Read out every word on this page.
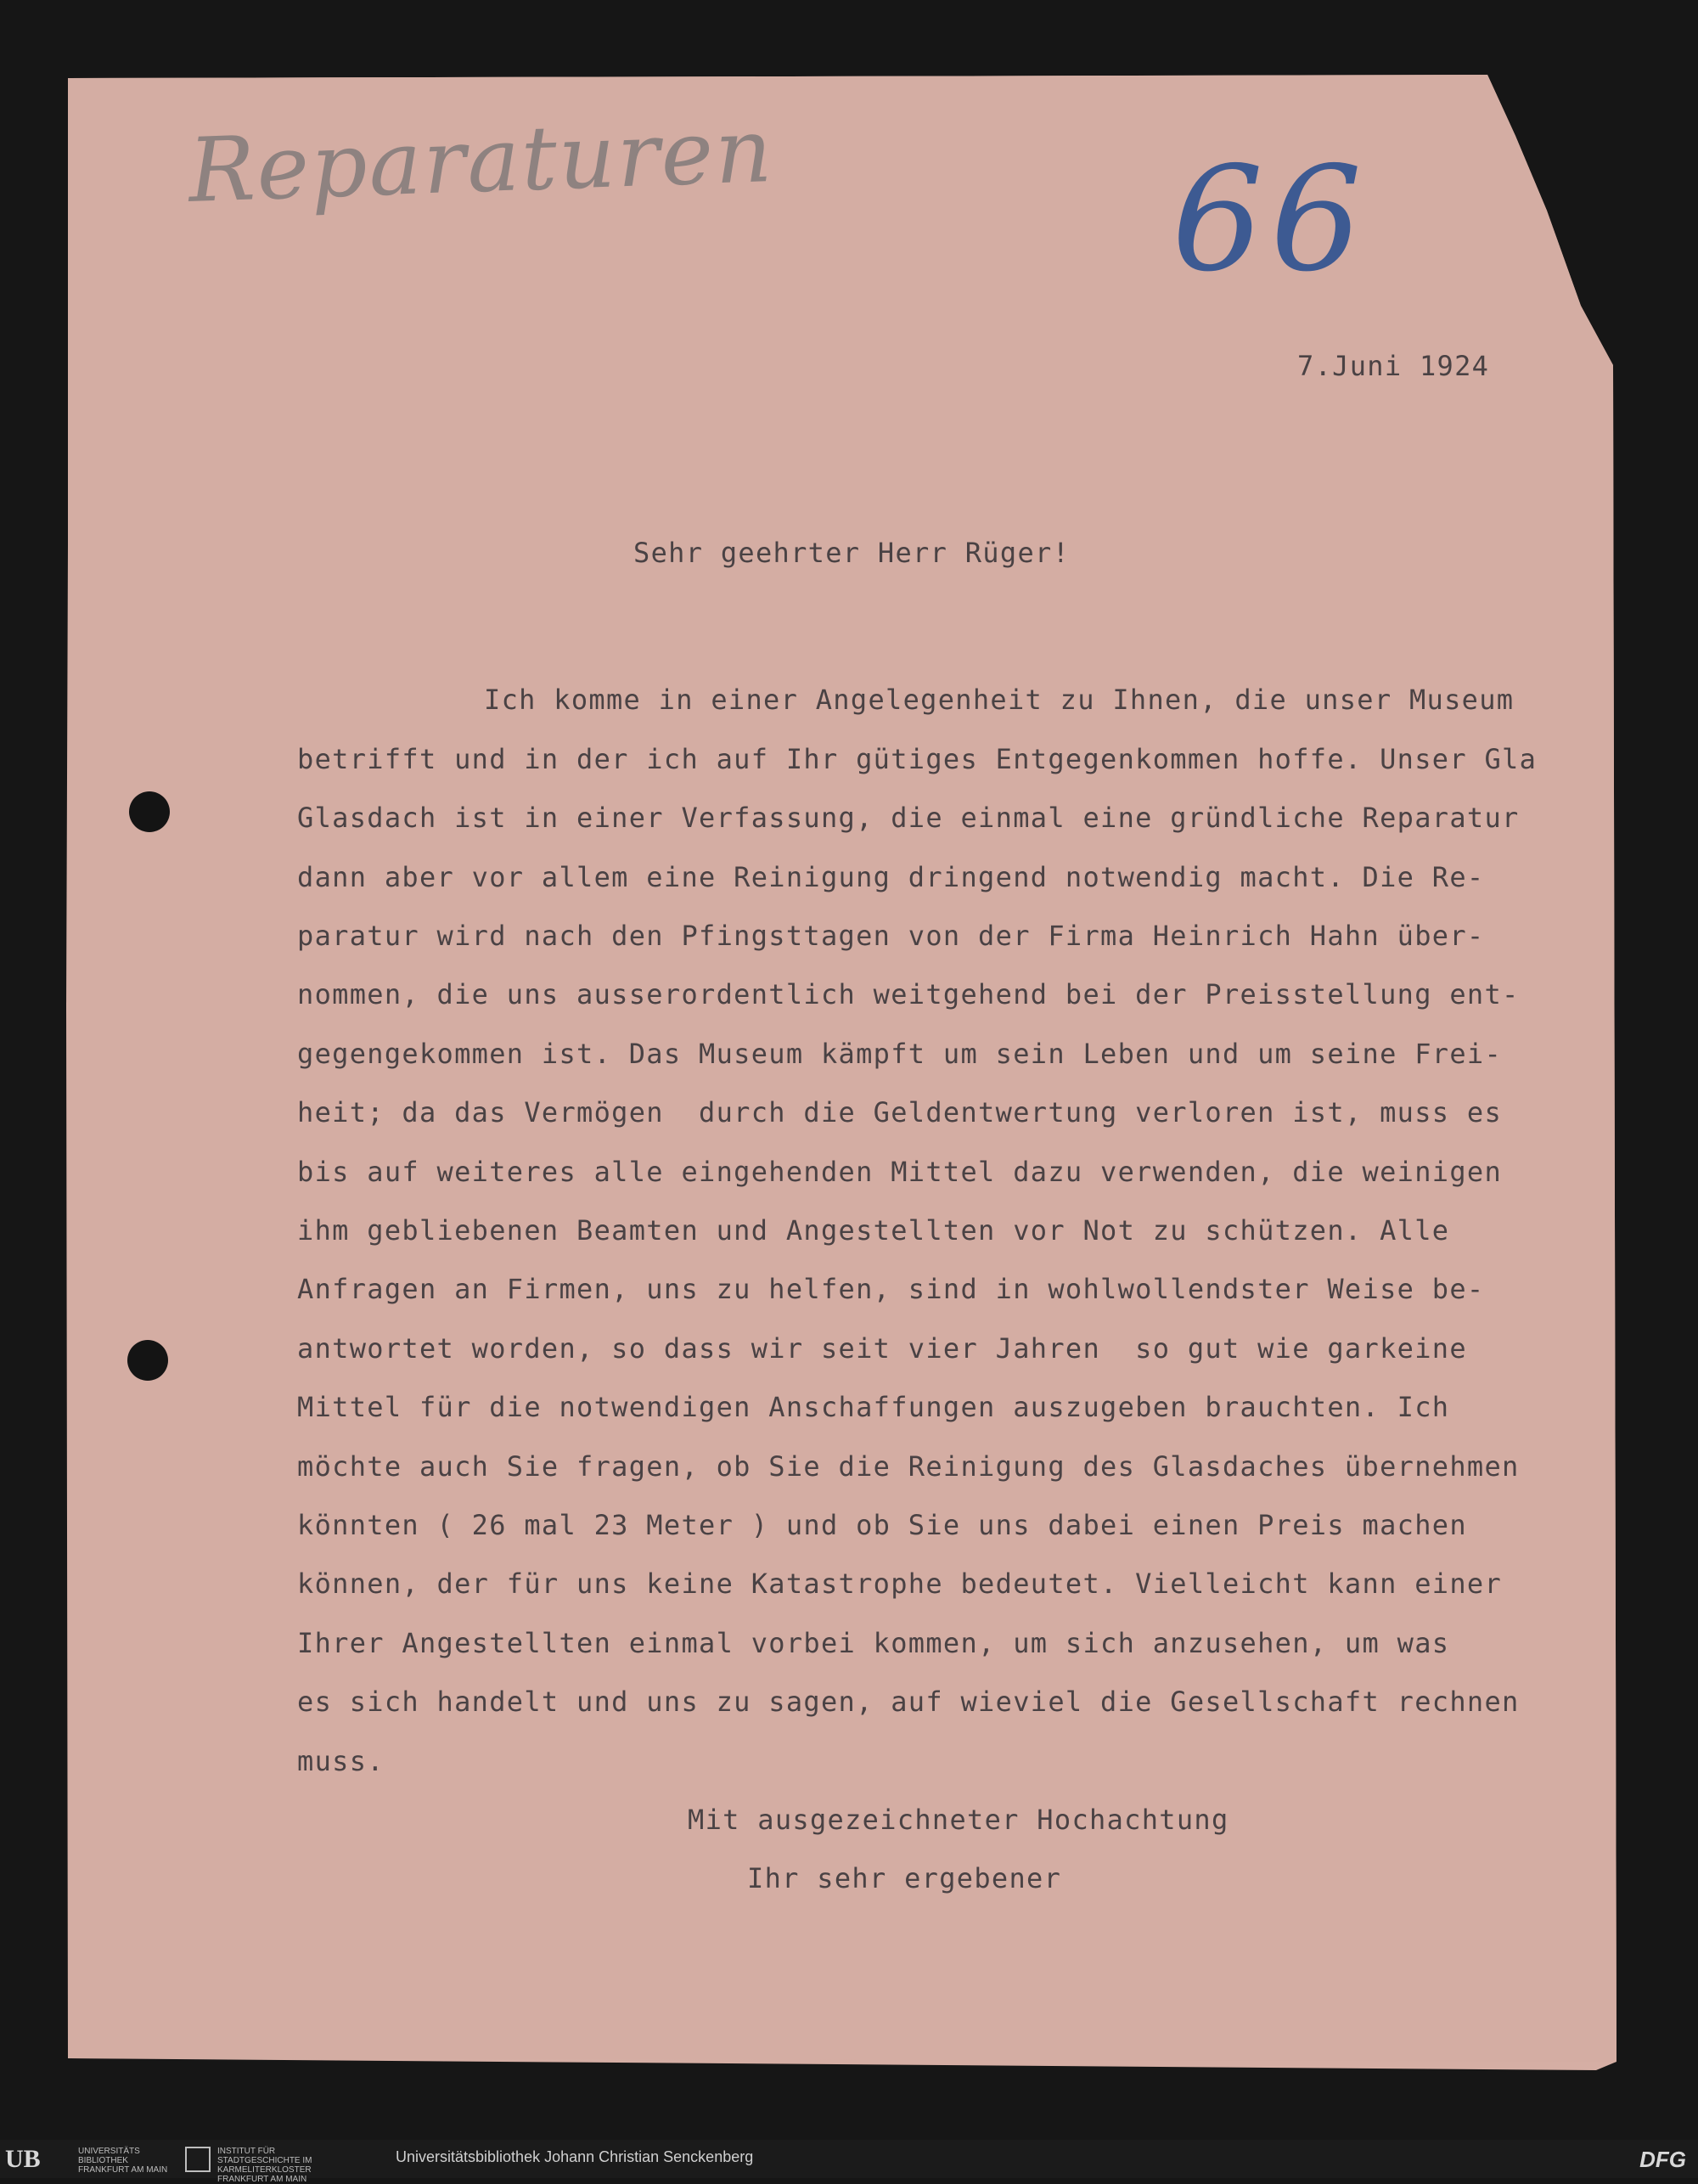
Reparaturen	66
7.Juni 1924
Sehr geehrter Herr Rüger!
Ich komme in einer Angelegenheit zu Ihnen, die unser Museum
betrifft und in der ich auf Ihr gütiges Entgegenkommen hoffe. Unser Gla
Glasdach ist in einer Verfassung, die einmal eine gründliche Reparatur
dann aber vor allem eine Reinigung dringend notwendig macht. Die Re-
paratur wird nach den Pfingsttagen von der Firma Heinrich Hahn über-
nommen, die uns ausserordentlich weitgehend bei der Preisstellung ent-
gegengekommen ist. Das Museum kämpft um sein Leben und um seine Frei-
heit; da das Vermögen  durch die Geldentwertung verloren ist, muss es
bis auf weiteres alle eingehenden Mittel dazu verwenden, die weinigen
ihm gebliebenen Beamten und Angestellten vor Not zu schützen. Alle
Anfragen an Firmen, uns zu helfen, sind in wohlwollendster Weise be-
antwortet worden, so dass wir seit vier Jahren  so gut wie garkeine
Mittel für die notwendigen Anschaffungen auszugeben brauchten. Ich
möchte auch Sie fragen, ob Sie die Reinigung des Glasdaches übernehmen
könnten ( 26 mal 23 Meter ) und ob Sie uns dabei einen Preis machen
können, der für uns keine Katastrophe bedeutet. Vielleicht kann einer
Ihrer Angestellten einmal vorbei kommen, um sich anzusehen, um was
es sich handelt und uns zu sagen, auf wieviel die Gesellschaft rechnen
muss.
Mit ausgezeichneter Hochachtung
Ihr sehr ergebener
UB	UNIVERSITÄTS BIBLIOTHEK FRANKFURT AM MAIN
INSTITUT FÜR STADTGESCHICHTE IM KARMELITERKLOSTER FRANKFURT AM MAIN
Universitätsbibliothek Johann Christian Senckenberg	DFG
